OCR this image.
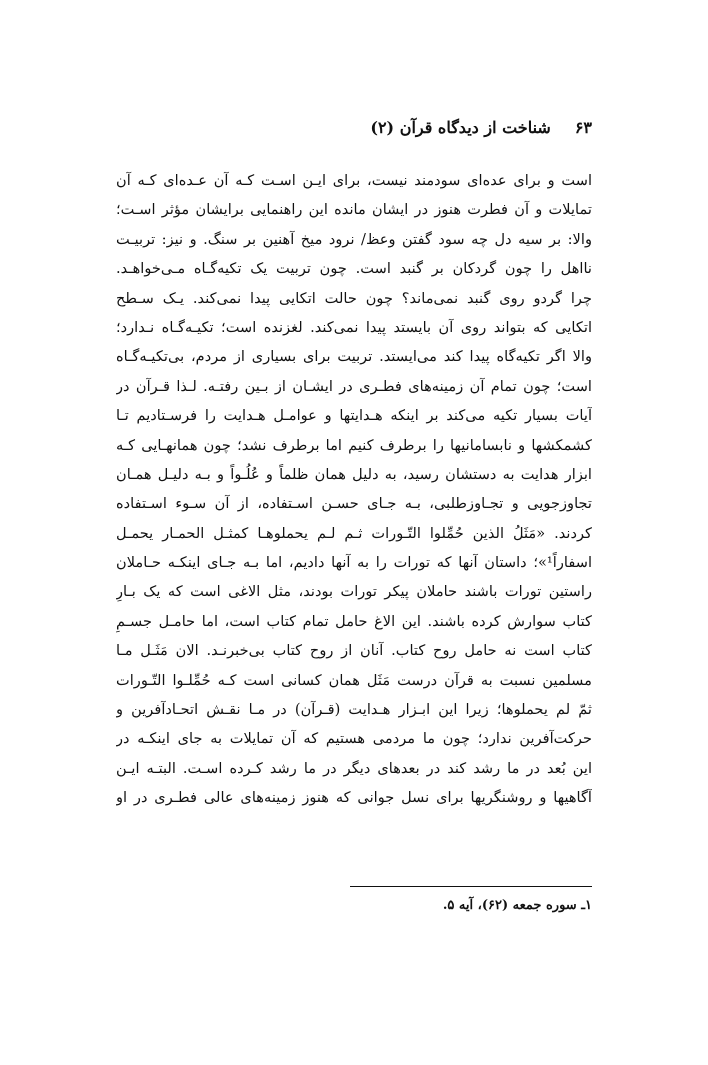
۶۳
شناخت از دیدگاه قرآن (۲)
است و برای عده‌ای سودمند نیست، برای ایـن اسـت کـه آن عـده‌ای کـه آن
تمایلات و آن فطرت هنوز در ایشان مانده این راهنمایی برایشان مؤثر اسـت؛
والا: بر سیه دل چه سود گفتن وعظ/ نرود میخ آهنین بر سنگ. و نیز: تربیـت
نااهل را چون گردکان بر گنبد است. چون تربیت یک تکیه‌گـاه مـی‌خواهـد.
چرا گردو روی گنبد نمی‌ماند؟ چون حالت اتکایی پیدا نمی‌کند. یـک سـطح
اتکایی که بتواند روی آن بایستد پیدا نمی‌کند. لغزنده است؛ تکیـه‌گـاه نـدارد؛
والا اگر تکیه‌گاه پیدا کند می‌ایستد. تربیت برای بسیاری از مردم، بی‌تکیـه‌گـاه
است؛ چون تمام آن زمینه‌های فطـری در ایشـان از بـین رفتـه. لـذا قـرآن در
آیات بسیار تکیه می‌کند بر اینکه هـدایتها و عوامـل هـدایت را فرسـتادیم تـا
کشمکشها و نابسامانیها را برطرف کنیم اما برطرف نشد؛ چون همانهـایی کـه
ابزار هدایت به دستشان رسید، به دلیل همان ظلماً و عُلُـواً و بـه دلیـل همـان
تجاوزجویی و تجـاوزطلبی، بـه جـای حسـن اسـتفاده، از آن سـوء اسـتفاده
کردند. «مَثَلُ الذین حُمِّلوا التّـورات ثـم لـم یحملوهـا کمثـل الحمـار یحمـل
اسفاراً¹»؛ داستان آنها که تورات را به آنها دادیم، اما بـه جـای اینکـه حـاملان
راستین تورات باشند حاملان پیکر تورات بودند، مثل الاغی است که یک بـارِ
کتاب سوارش کرده باشند. این الاغ حامل تمام کتاب است، اما حامـل جسـمِ
کتاب است نه حامل روح کتاب. آنان از روح کتاب بی‌خبرنـد. الان مَثَـل مـا
مسلمین نسبت به قرآن درست مَثَل همان کسانی است کـه حُمِّلـوا التّـورات
ثمّ لم یحملوها؛ زیرا این ابـزار هـدایت (قـرآن) در مـا نقـش اتحـادآفرین و
حرکت‌آفرین ندارد؛ چون ما مردمی هستیم که آن تمایلات به جای اینکـه در
این بُعد در ما رشد کند در بعدهای دیگر در ما رشد کـرده اسـت. البتـه ایـن
آگاهیها و روشنگریها برای نسل جوانی که هنوز زمینه‌های عالی فطـری در او
۱ـ سوره جمعه (۶۲)، آیه ۵.
